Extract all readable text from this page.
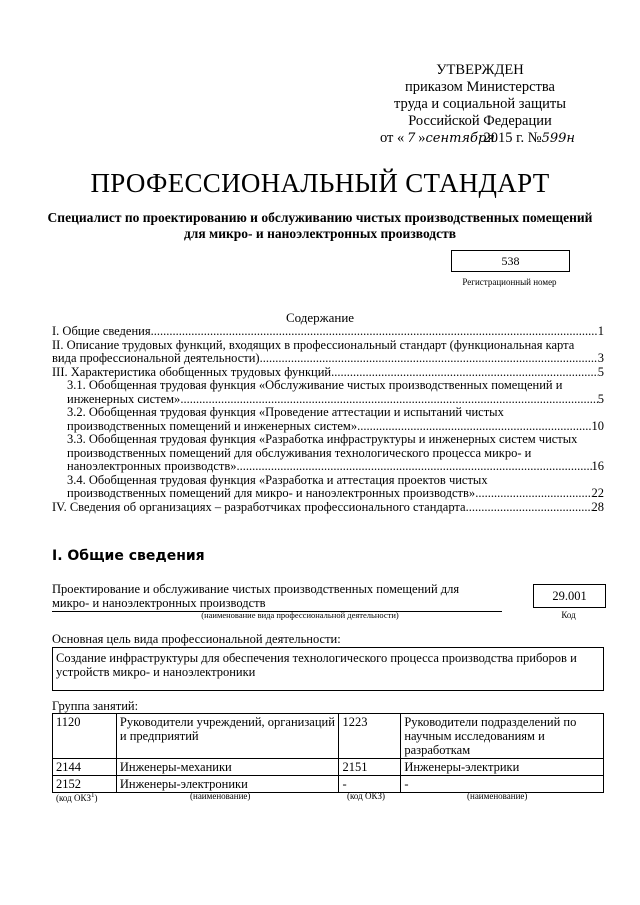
УТВЕРЖДЕН
приказом Министерства
труда и социальной защиты
Российской Федерации
от « 7 »сентября2015 г. №599н
ПРОФЕССИОНАЛЬНЫЙ СТАНДАРТ
Специалист по проектированию и обслуживанию чистых производственных помещений для микро- и наноэлектронных производств
538
Регистрационный номер
Содержание
I. Общие сведения .....	1
II. Описание трудовых функций, входящих в профессиональный стандарт (функциональная карта
вида профессиональной деятельности) .....	3
III. Характеристика обобщенных трудовых функций .....	5
3.1. Обобщенная трудовая функция «Обслуживание чистых производственных помещений и
инженерных систем» .....	5
3.2. Обобщенная трудовая функция «Проведение аттестации и испытаний чистых
производственных помещений и инженерных систем» .....	10
3.3. Обобщенная трудовая функция «Разработка инфраструктуры и инженерных систем чистых
производственных помещений для обслуживания технологического процесса микро- и
наноэлектронных производств» .....	16
3.4. Обобщенная трудовая функция «Разработка и аттестация проектов чистых
производственных помещений для микро- и наноэлектронных производств» .....	22
IV. Сведения об организациях – разработчиках профессионального стандарта .....	28
I. Общие сведения
Проектирование и обслуживание чистых производственных помещений для
микро- и наноэлектронных производств
(наименование вида профессиональной деятельности)
29.001
Код
Основная цель вида профессиональной деятельности:
Создание инфраструктуры для обеспечения технологического процесса производства приборов и устройств микро- и наноэлектроники
Группа занятий:
1120	Руководители учреждений, организаций и предприятий	1223	Руководители подразделений по научным исследованиям и разработкам
2144	Инженеры-механики	2151	Инженеры-электрики
2152	Инженеры-электроники	-	-
(код ОКЗ$^1$)	(наименование)	(код ОКЗ)	(наименование)
